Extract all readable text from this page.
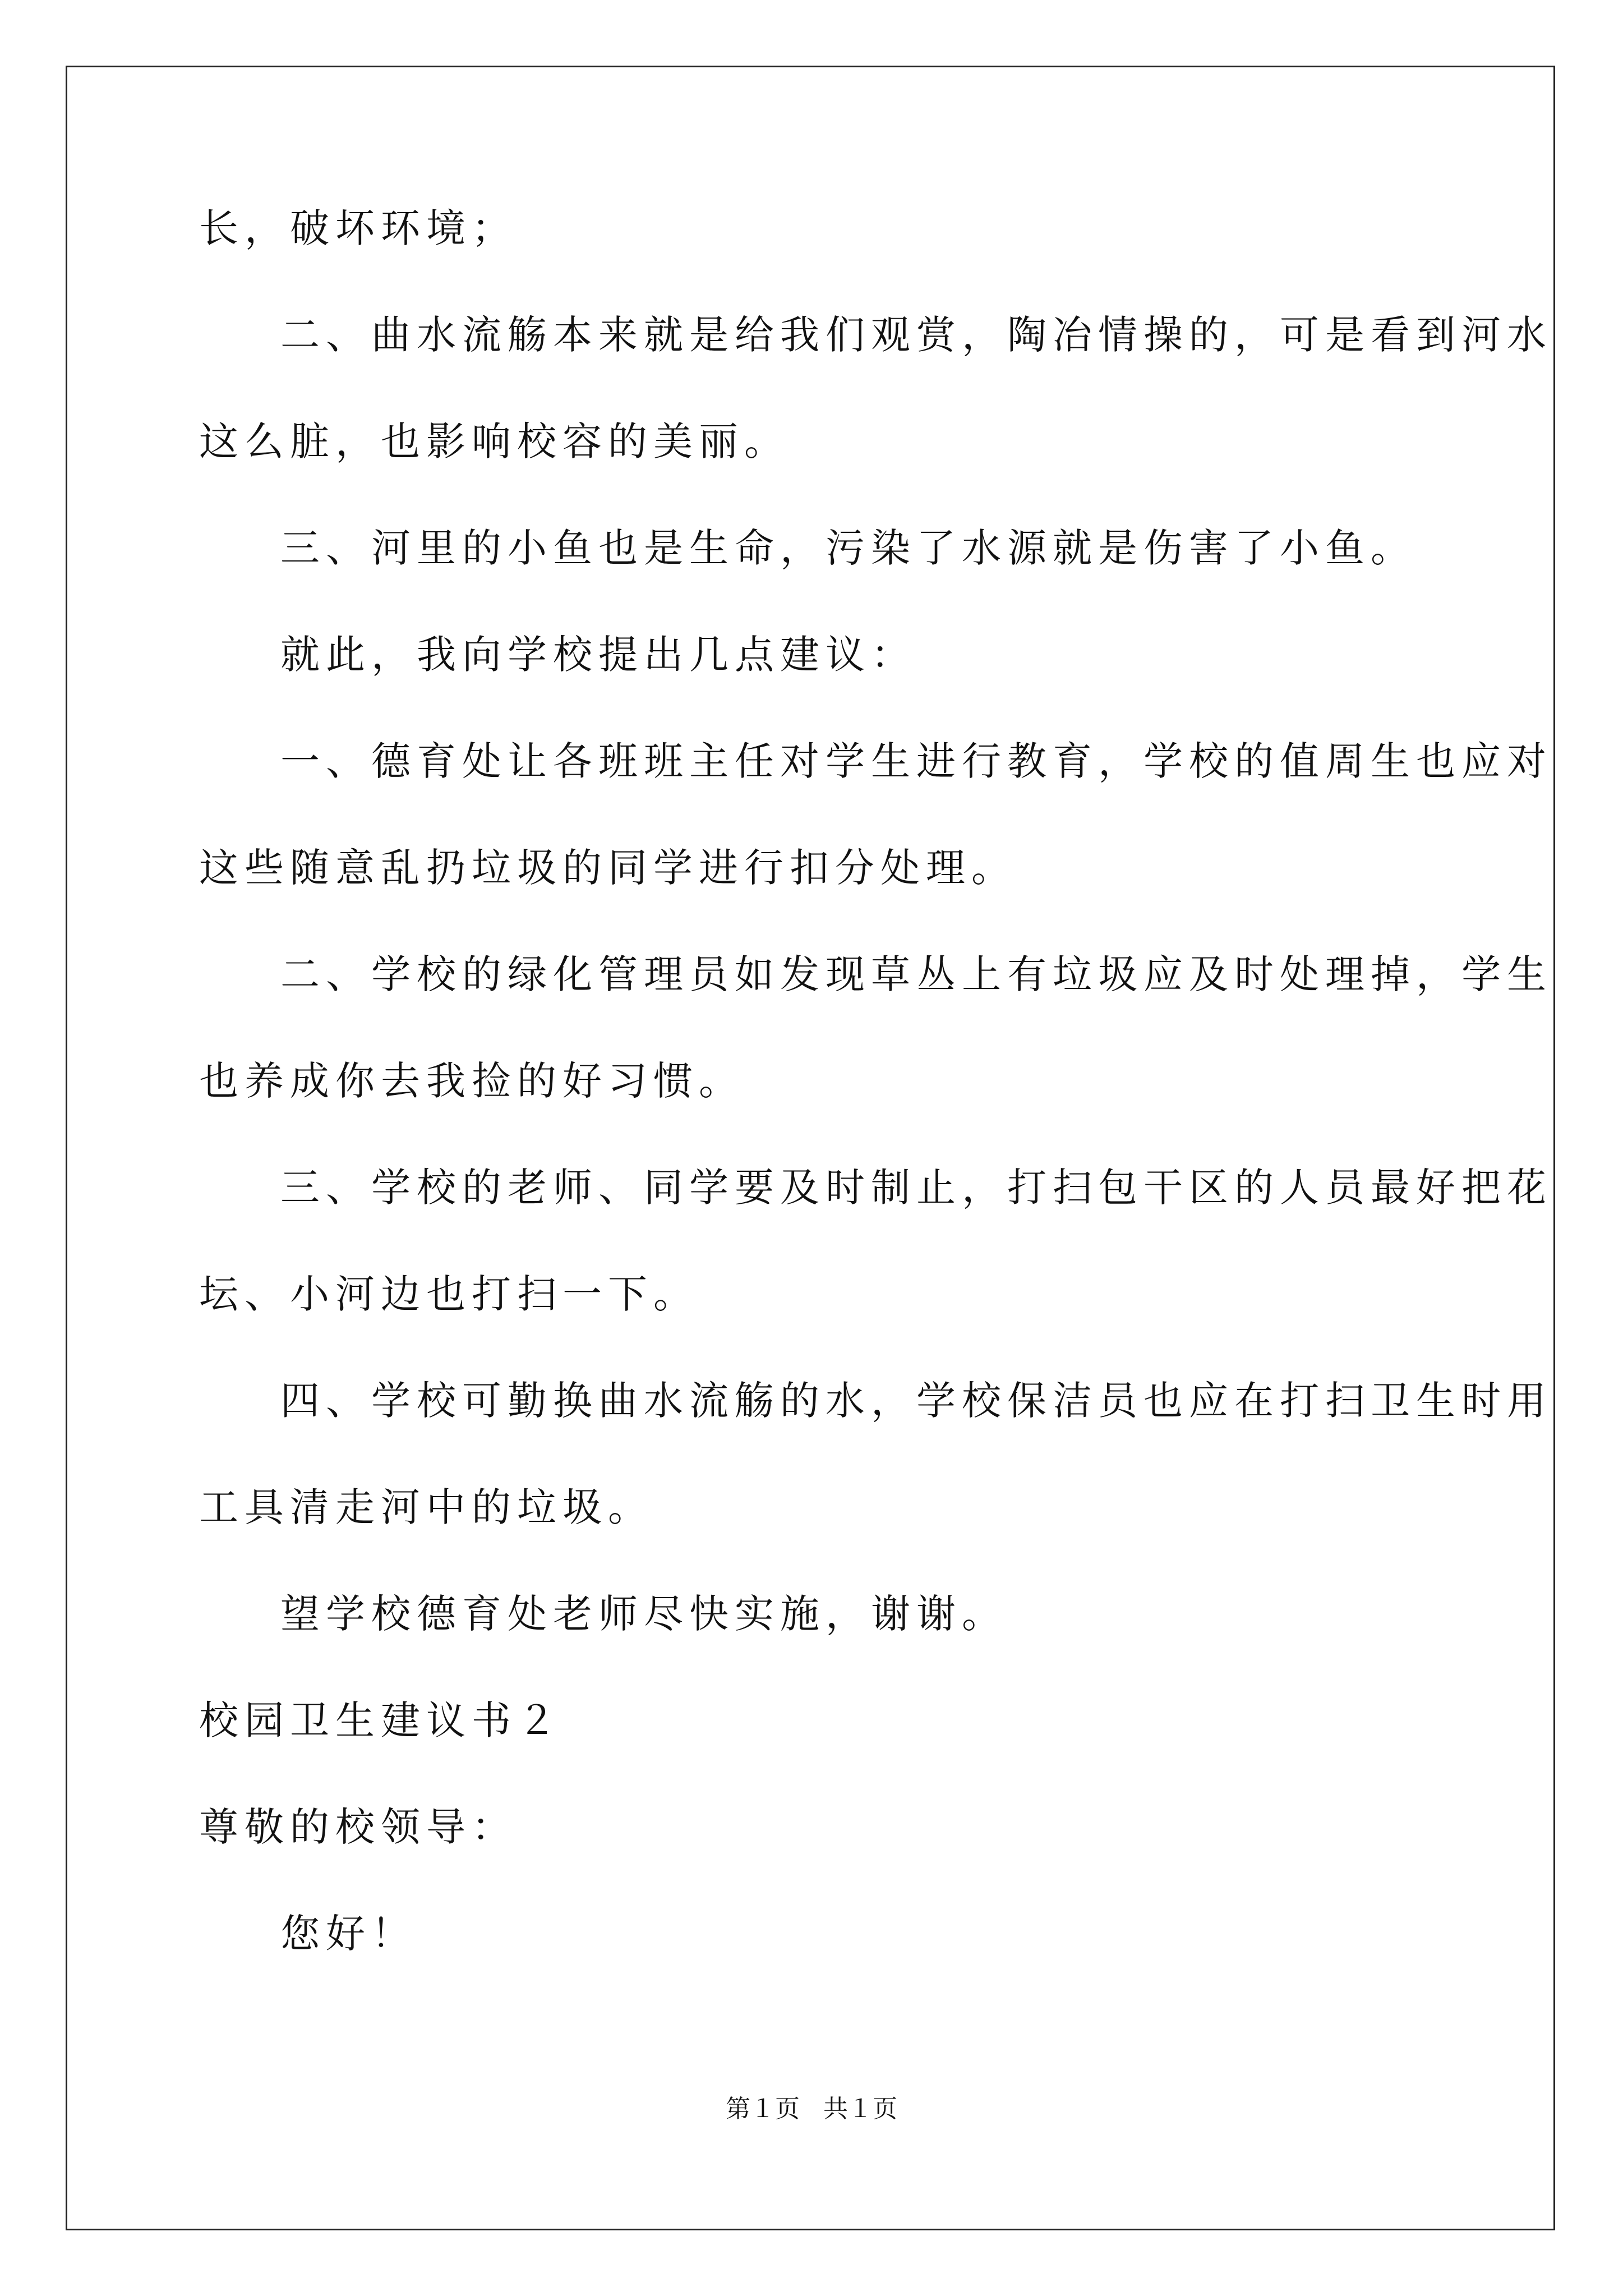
长，破坏环境；
二、曲水流觞本来就是给我们观赏，陶冶情操的，可是看到河水
这么脏，也影响校容的美丽。
三、河里的小鱼也是生命，污染了水源就是伤害了小鱼。
就此，我向学校提出几点建议：
一、德育处让各班班主任对学生进行教育，学校的值周生也应对
这些随意乱扔垃圾的同学进行扣分处理。
二、学校的绿化管理员如发现草丛上有垃圾应及时处理掉，学生
也养成你去我捡的好习惯。
三、学校的老师、同学要及时制止，打扫包干区的人员最好把花
坛、小河边也打扫一下。
四、学校可勤换曲水流觞的水，学校保洁员也应在打扫卫生时用
工具清走河中的垃圾。
望学校德育处老师尽快实施，谢谢。
校园卫生建议书２
尊敬的校领导：
您好！
第１页 共１页
